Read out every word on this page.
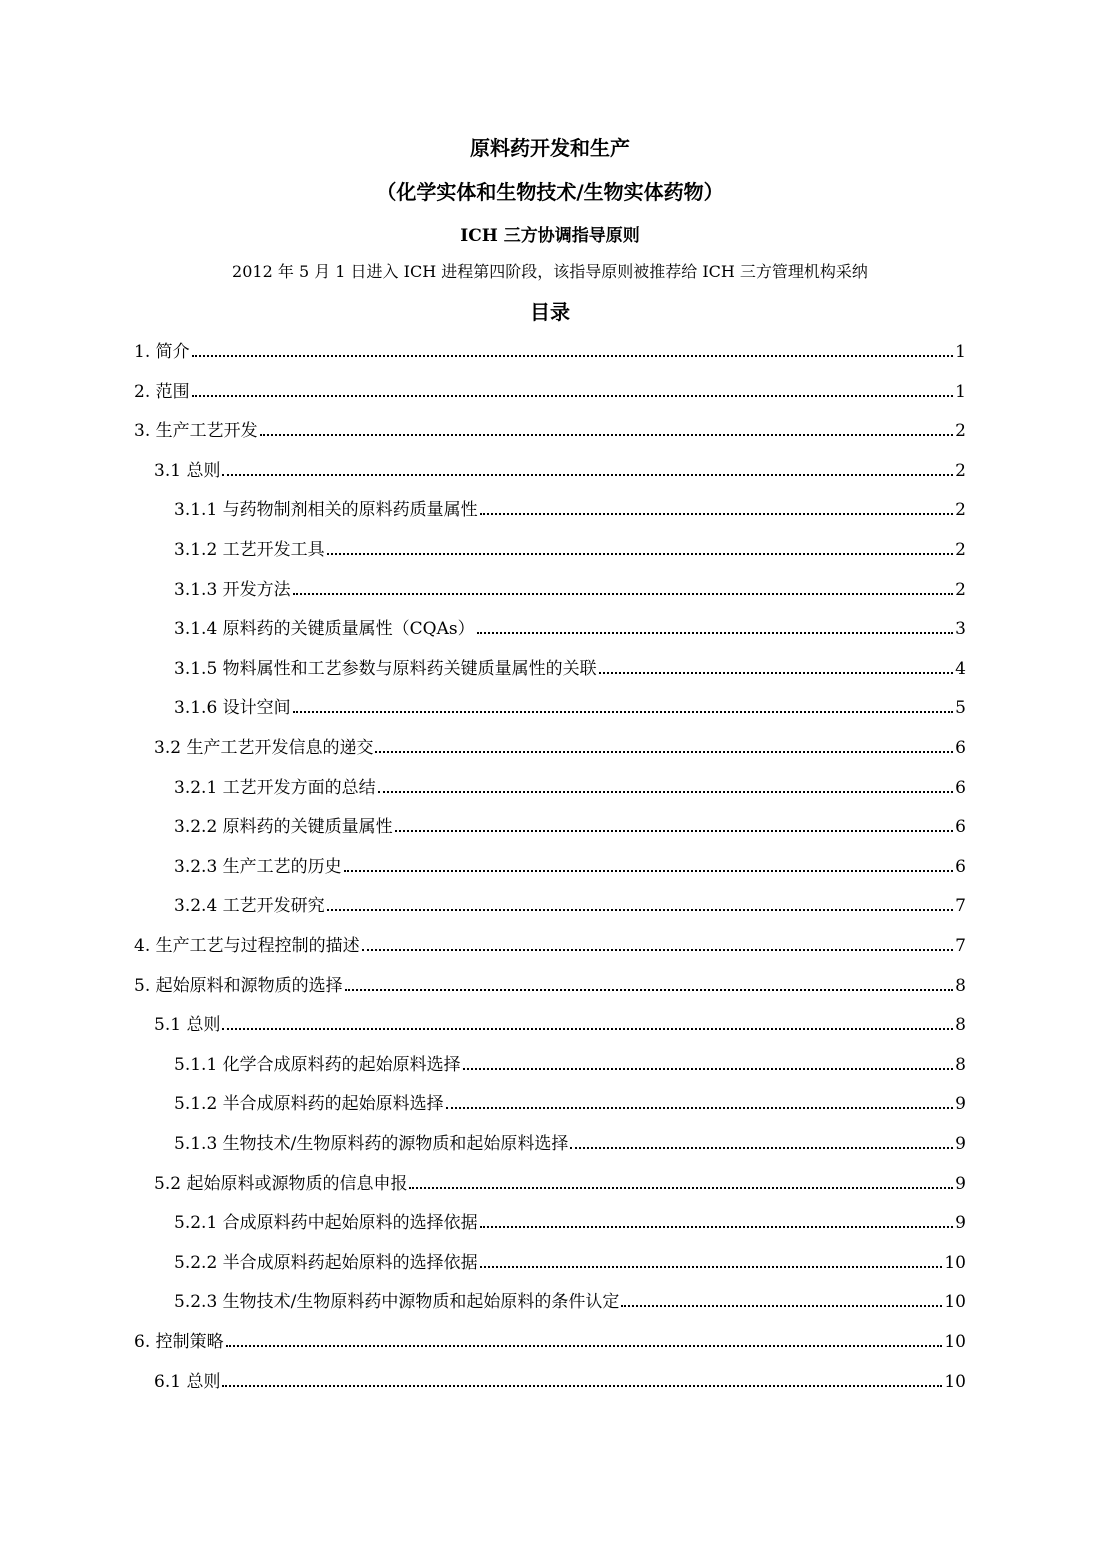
原料药开发和生产
（化学实体和生物技术/生物实体药物）
ICH 三方协调指导原则
2012 年 5 月 1 日进入 ICH 进程第四阶段，该指导原则被推荐给 ICH 三方管理机构采纳
目录
1. 简介	1
2. 范围	1
3. 生产工艺开发	2
3.1 总则	2
3.1.1 与药物制剂相关的原料药质量属性	2
3.1.2 工艺开发工具	2
3.1.3 开发方法	2
3.1.4 原料药的关键质量属性（CQAs）	3
3.1.5 物料属性和工艺参数与原料药关键质量属性的关联	4
3.1.6 设计空间	5
3.2 生产工艺开发信息的递交	6
3.2.1 工艺开发方面的总结	6
3.2.2 原料药的关键质量属性	6
3.2.3 生产工艺的历史	6
3.2.4 工艺开发研究	7
4. 生产工艺与过程控制的描述	7
5. 起始原料和源物质的选择	8
5.1 总则	8
5.1.1 化学合成原料药的起始原料选择	8
5.1.2 半合成原料药的起始原料选择	9
5.1.3 生物技术/生物原料药的源物质和起始原料选择	9
5.2 起始原料或源物质的信息申报	9
5.2.1 合成原料药中起始原料的选择依据	9
5.2.2 半合成原料药起始原料的选择依据	10
5.2.3 生物技术/生物原料药中源物质和起始原料的条件认定	10
6. 控制策略	10
6.1 总则	10
